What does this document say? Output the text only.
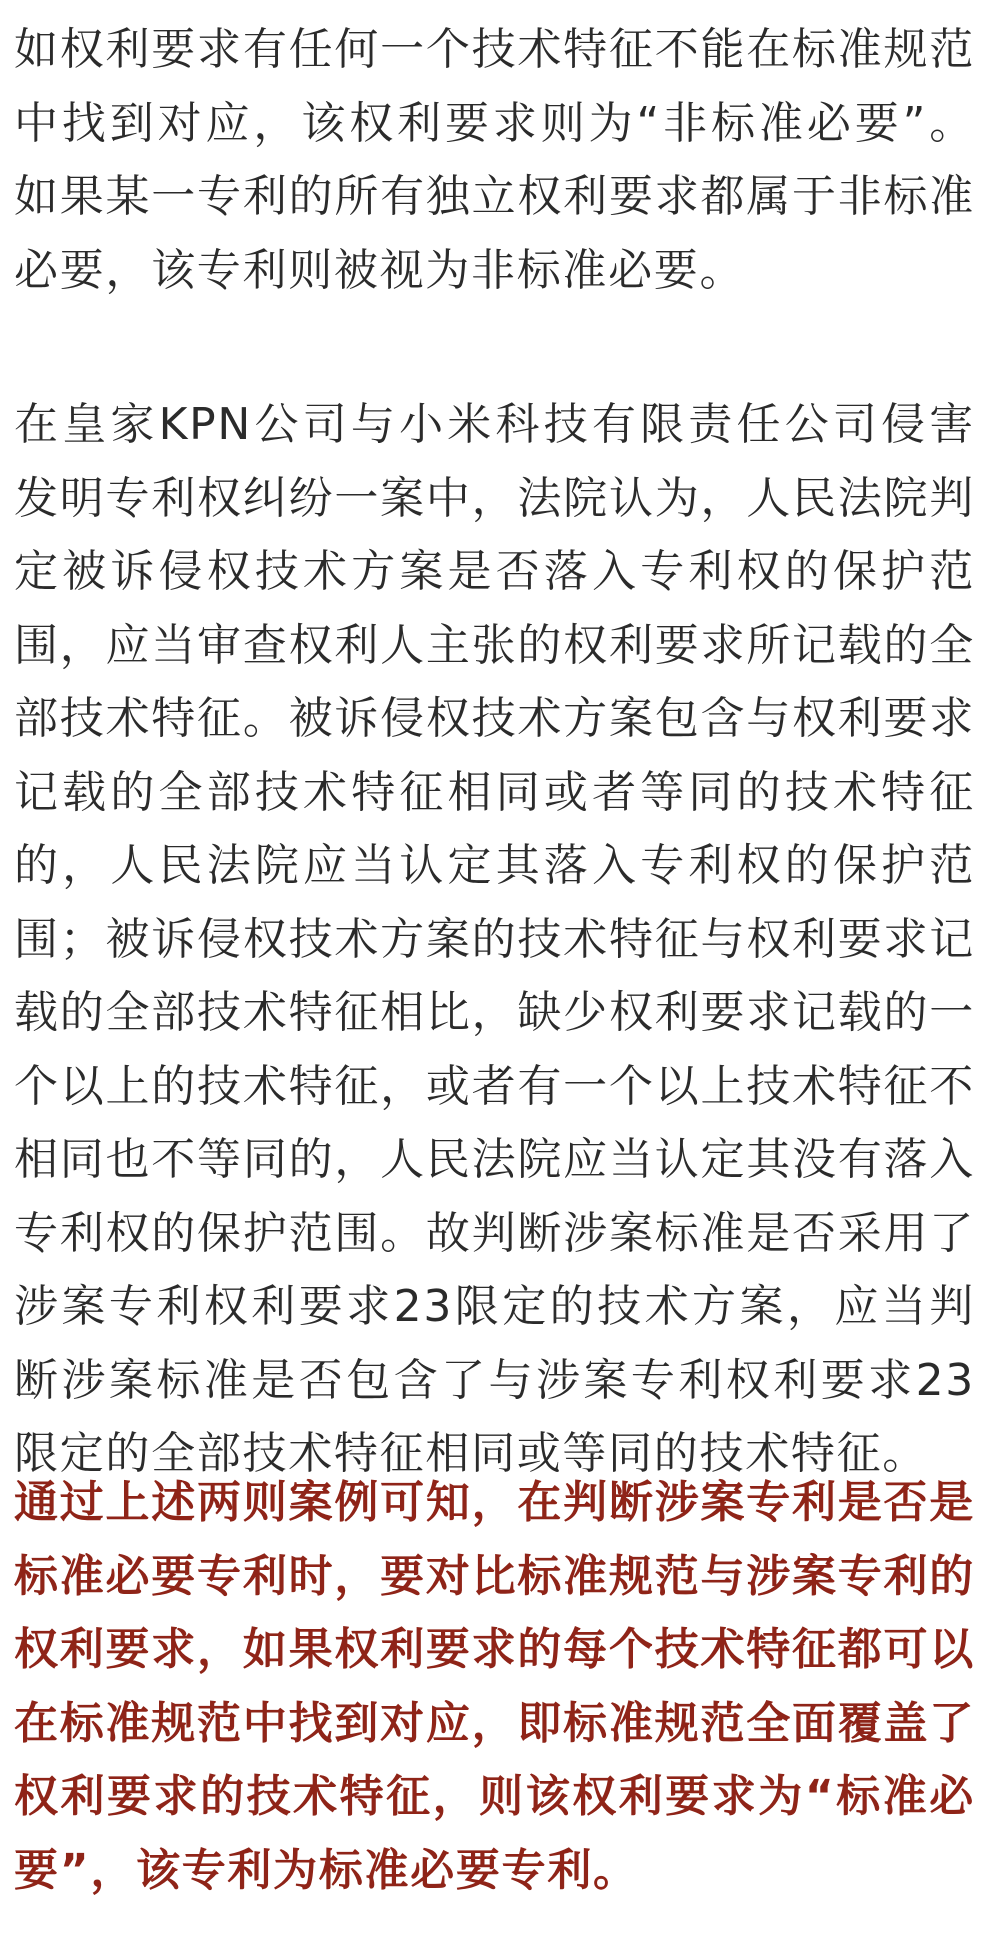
如权利要求有任何一个技术特征不能在标准规范中找到对应，该权利要求则为“非标准必要”。如果某一专利的所有独立权利要求都属于非标准必要，该专利则被视为非标准必要。

在皇家KPN公司与小米科技有限责任公司侵害发明专利权纠纷一案中，法院认为，人民法院判定被诉侵权技术方案是否落入专利权的保护范围，应当审查权利人主张的权利要求所记载的全部技术特征。被诉侵权技术方案包含与权利要求记载的全部技术特征相同或者等同的技术特征的，人民法院应当认定其落入专利权的保护范围；被诉侵权技术方案的技术特征与权利要求记载的全部技术特征相比，缺少权利要求记载的一个以上的技术特征，或者有一个以上技术特征不相同也不等同的，人民法院应当认定其没有落入专利权的保护范围。故判断涉案标准是否采用了涉案专利权利要求23限定的技术方案，应当判断涉案标准是否包含了与涉案专利权利要求23限定的全部技术特征相同或等同的技术特征。

通过上述两则案例可知，在判断涉案专利是否是标准必要专利时，要对比标准规范与涉案专利的权利要求，如果权利要求的每个技术特征都可以在标准规范中找到对应，即标准规范全面覆盖了权利要求的技术特征，则该权利要求为“标准必要”，该专利为标准必要专利。
